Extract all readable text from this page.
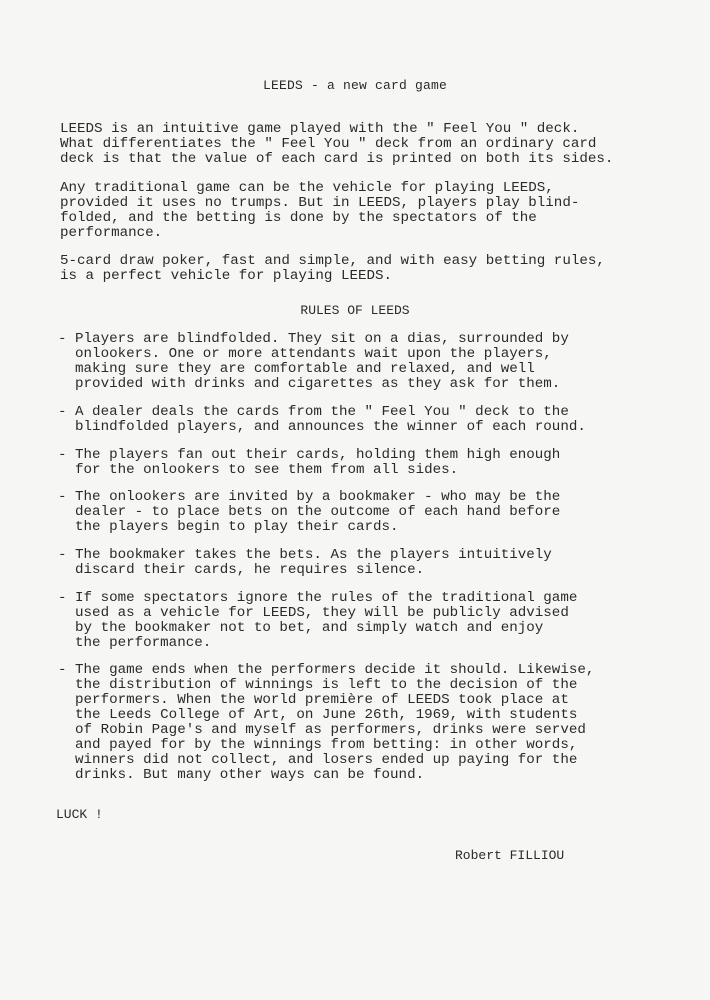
LEEDS - a new card game
LEEDS is an intuitive game played with the " Feel You " deck.
What differentiates the " Feel You " deck from an ordinary card
deck is that the value of each card is printed on both its sides.
Any traditional game can be the vehicle for playing LEEDS,
provided it uses no trumps. But in LEEDS, players play blind-
folded, and the betting is done by the spectators of the
performance.
5-card draw poker, fast and simple, and with easy betting rules,
is a perfect vehicle for playing LEEDS.
RULES OF LEEDS
- Players are blindfolded. They sit on a dias, surrounded by
onlookers. One or more attendants wait upon the players,
making sure they are comfortable and relaxed, and well
provided with drinks and cigarettes as they ask for them.
- A dealer deals the cards from the " Feel You " deck to the
blindfolded players, and announces the winner of each round.
- The players fan out their cards, holding them high enough
for the onlookers to see them from all sides.
- The onlookers are invited by a bookmaker - who may be the
dealer - to place bets on the outcome of each hand before
the players begin to play their cards.
- The bookmaker takes the bets. As the players intuitively
discard their cards, he requires silence.
- If some spectators ignore the rules of the traditional game
used as a vehicle for LEEDS, they will be publicly advised
by the bookmaker not to bet, and simply watch and enjoy
the performance.
- The game ends when the performers decide it should. Likewise,
the distribution of winnings is left to the decision of the
performers. When the world première of LEEDS took place at
the Leeds College of Art, on June 26th, 1969, with students
of Robin Page's and myself as performers, drinks were served
and payed for by the winnings from betting: in other words,
winners did not collect, and losers ended up paying for the
drinks. But many other ways can be found.
LUCK !
Robert FILLIOU
